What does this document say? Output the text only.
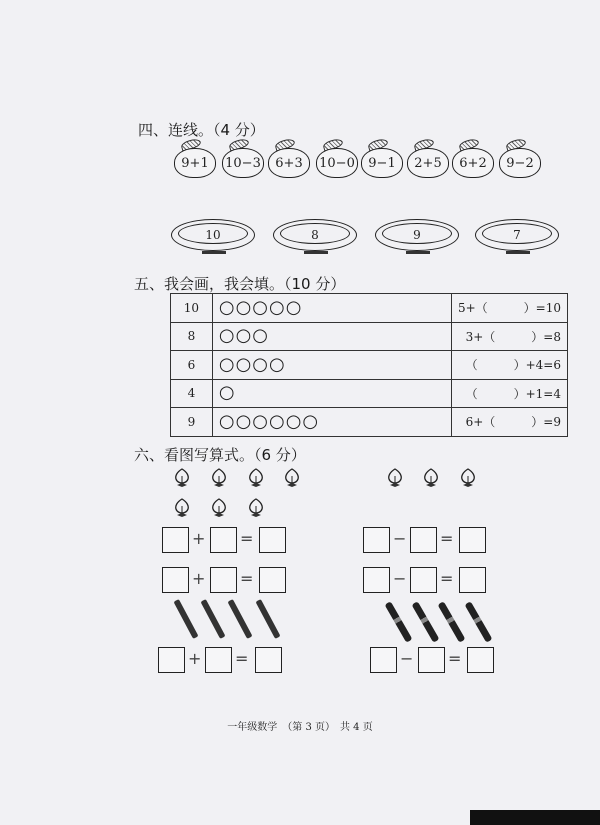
四、连线。（4 分）
9+1 10−3 6+3 10−0 9−1 2+5 6+2 9−2
10	8	9	7
五、我会画，我会填。（10 分）
10	○○○○○	5+（　　　）=10
8	○○○	3+（　　　）=8
6	○○○○	（　　　）+4=6
4	○	（　　　）+1=4
9	○○○○○○	6+（　　　）=9
六、看图写算式。（6 分）
+ =
+ =
− =
− =
+ =	− =
一年级数学　（第 3 页）　共 4 页
